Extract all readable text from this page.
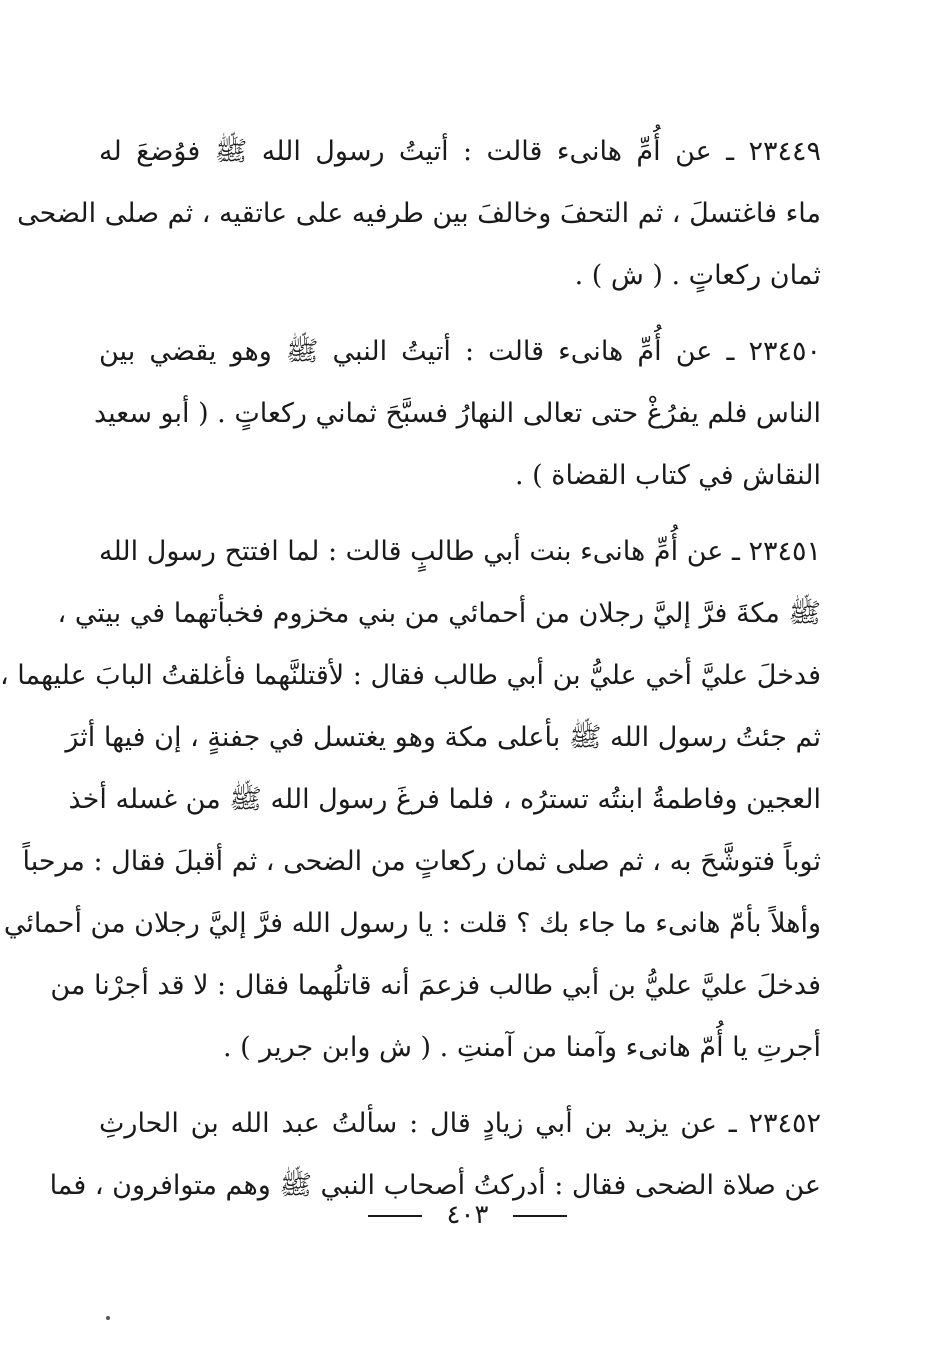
٢٣٤٤٩ ـ عن أُمِّ هانىء قالت : أتيتُ رسول الله ﷺ فوُضعَ له
ماء فاغتسلَ ، ثم التحفَ وخالفَ بين طرفيه على عاتقيه ، ثم صلى الضحى
ثمان ركعاتٍ . ( ش ) .
٢٣٤٥٠ ـ عن أُمِّ هانىء قالت : أتيتُ النبي ﷺ وهو يقضي بين
الناس فلم يفرُغْ حتى تعالى النهارُ فسبَّحَ ثماني ركعاتٍ . ( أبو سعيد
النقاش في كتاب القضاة ) .
٢٣٤٥١ ـ عن أُمِّ هانىء بنت أبي طالبٍ قالت : لما افتتح رسول الله
ﷺ مكةَ فرَّ إليَّ رجلان من أحمائي من بني مخزوم فخبأتهما في بيتي ،
فدخلَ عليَّ أخي عليُّ بن أبي طالب فقال : لأقتلنَّهما فأغلقتُ البابَ عليهما ،
ثم جئتُ رسول الله ﷺ بأعلى مكة وهو يغتسل في جفنةٍ ، إن فيها أثرَ
العجين وفاطمةُ ابنتُه تسترُه ، فلما فرغَ رسول الله ﷺ من غسله أخذ
ثوباً فتوشَّحَ به ، ثم صلى ثمان ركعاتٍ من الضحى ، ثم أقبلَ فقال : مرحباً
وأهلاً بأمّ هانىء ما جاء بك ؟ قلت : يا رسول الله فرَّ إليَّ رجلان من أحمائي
فدخلَ عليَّ عليُّ بن أبي طالب فزعمَ أنه قاتلُهما فقال : لا قد أجرْنا من
أجرتِ يا أُمّ هانىء وآمنا من آمنتِ . ( ش وابن جرير ) .
٢٣٤٥٢ ـ عن يزيد بن أبي زيادٍ قال : سألتُ عبد الله بن الحارثِ
عن صلاة الضحى فقال : أدركتُ أصحاب النبي ﷺ وهم متوافرون ، فما
٤٠٣
